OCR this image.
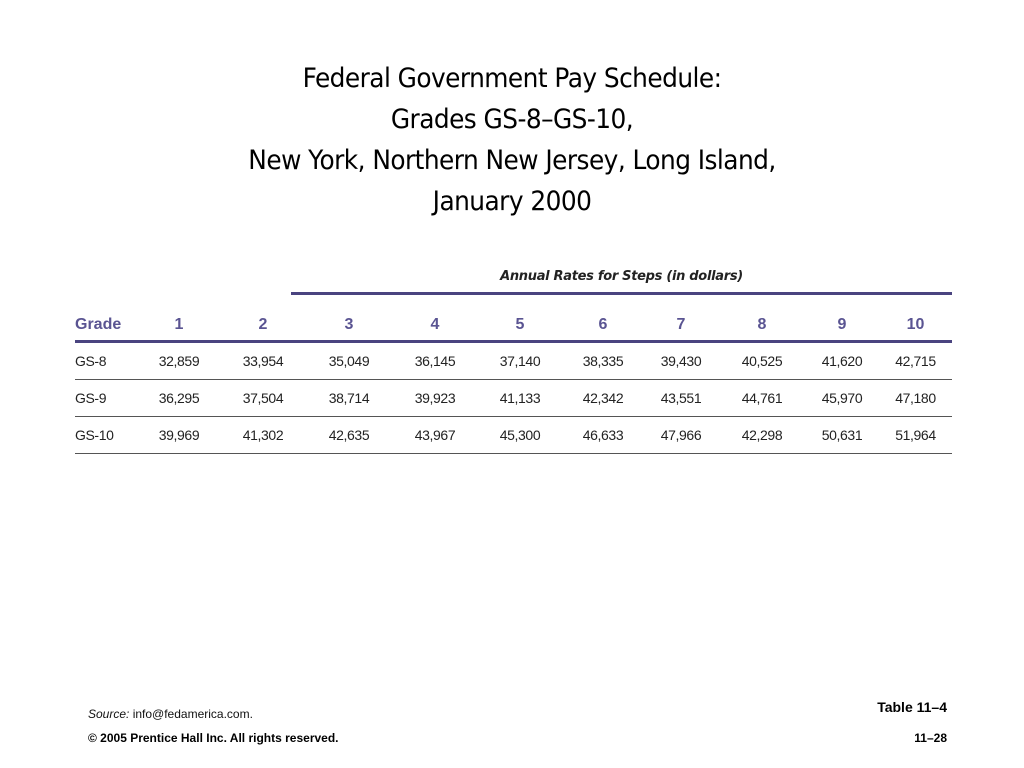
Federal Government Pay Schedule:
Grades GS-8–GS-10,
New York, Northern New Jersey, Long Island,
January 2000
Annual Rates for Steps (in dollars)
Grade	1	2	3	4	5	6	7	8	9	10
GS-8	32,859	33,954	35,049	36,145	37,140	38,335	39,430	40,525	41,620	42,715
GS-9	36,295	37,504	38,714	39,923	41,133	42,342	43,551	44,761	45,970	47,180
GS-10	39,969	41,302	42,635	43,967	45,300	46,633	47,966	42,298	50,631	51,964
Source: info@fedamerica.com.	Table 11–4
© 2005 Prentice Hall Inc. All rights reserved.	11–28
